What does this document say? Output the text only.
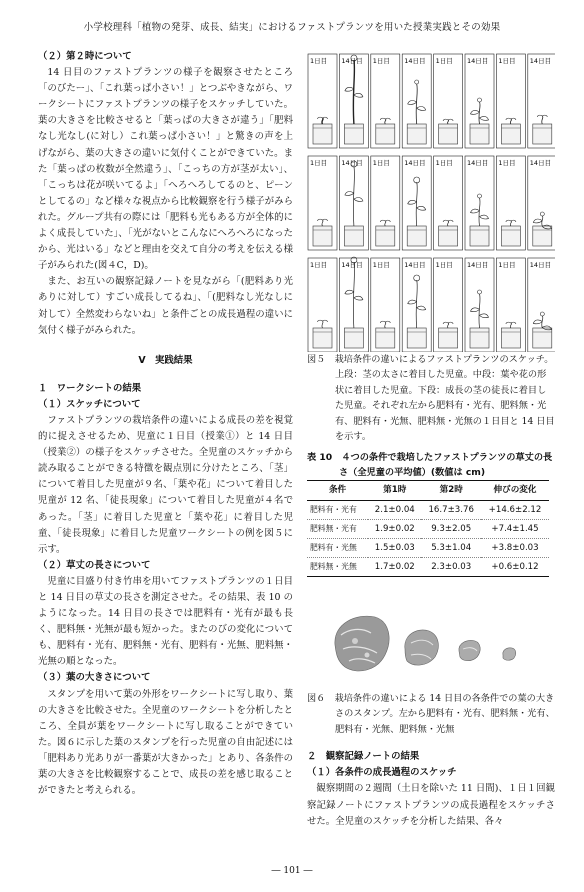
小学校理科「植物の発芽、成長、結実」におけるファストプランツを用いた授業実践とその効果

（２）第２時について

14 日目のファストプランツの様子を観察させたところ「のびたー」、「これ葉っぱ小さい！」とつぶやきながら、ワークシートにファストプランツの様子をスケッチしていた。葉の大きさを比較させると「葉っぱの大きさが違う」「肥料なし光なし(に対し）これ葉っぱ小さい！」と驚きの声を上げながら、葉の大きさの違いに気付くことができていた。また「葉っぱの枚数が全然違う」、「こっちの方が茎が太い」、「こっちは花が咲いてるよ」「へろへろしてるのと、ピーンとしてるの」など様々な視点から比較観察を行う様子がみられた。グループ共有の際には「肥料も光もある方が全体的によく成長していた」、「光がないとこんなにへろへろになったから、光はいる」などと理由を交えて自分の考えを伝える様子がみられた(図４C，D)。

また、お互いの観察記録ノートを見ながら「(肥料あり光ありに対して）すごい成長してるね」、「(肥料なし光なしに対して）全然変わらないね」と条件ごとの成長過程の違いに気付く様子がみられた。

Ⅴ　実践結果

１　ワークシートの結果

（１）スケッチについて

ファストプランツの栽培条件の違いによる成長の差を視覚的に捉えさせるため、児童に１日目（授業①）と 14 日目（授業②）の様子をスケッチさせた。全児童のスケッチから読み取ることができる特徴を観点別に分けたところ、「茎」について着目した児童が９名、「葉や花」について着目した児童が 12 名、「徒長現象」について着目した児童が４名であった。「茎」に着目した児童と「葉や花」に着目した児童、「徒長現象」に着目した児童ワークシートの例を図５に示す。

（２）草丈の長さについて

児童に目盛り付き竹串を用いてファストプランツの１日目と 14 日目の草丈の長さを測定させた。その結果、表 10 のようになった。14 日目の長さでは肥料有・光有が最も長く、肥料無・光無が最も短かった。またのびの変化についても、肥料有・光有、肥料無・光有、肥料有・光無、肥料無・光無の順となった。

（３）葉の大きさについて

スタンプを用いて葉の外形をワークシートに写し取り、葉の大きさを比較させた。全児童のワークシートを分析したところ、全員が葉をワークシートに写し取ることができていた。図６に示した葉のスタンプを行った児童の自由記述には「肥料あり光ありが一番葉が大きかった」とあり、各条件の葉の大きさを比較観察することで、成長の差を感じ取ることができたと考えられる。

1日目 14日目 1日目 14日目 1日目 14日目 1日目 14日目
1日目 14日目 1日目 14日目 1日目 14日目 1日目 14日目
1日目 14日目 1日目 14日目 1日目 14日目 1日目 14日目

図５　 栽培条件の違いによるファストプランツのスケッチ。上段：茎の太さに着目した児童。中段：葉や花の形状に着目した児童。下段：成長の茎の徒長に着目した児童。それぞれ左から肥料有・光有、肥料無・光有、肥料有・光無、肥料無・光無の１日目と 14 日目を示す。

表 10　 ４つの条件で栽培したファストプランツの草丈の長さ（全児童の平均値）(数値は cm)

条件	第1時	第2時	伸びの変化
肥料有・光有	2.1±0.04	16.7±3.76	+14.6±2.12
肥料無・光有	1.9±0.02	9.3±2.05	+7.4±1.45
肥料有・光無	1.5±0.03	5.3±1.04	+3.8±0.03
肥料無・光無	1.7±0.02	2.3±0.03	+0.6±0.12

図６　 栽培条件の違いによる 14 日目の各条件での葉の大きさのスタンプ。左から肥料有・光有、肥料無・光有、肥料有・光無、肥料無・光無

２　観察記録ノートの結果

（１）各条件の成長過程のスケッチ

観察期間の２週間（土日を除いた 11 日間)、１日１回観察記録ノートにファストプランツの成長過程をスケッチさせた。全児童のスケッチを分析した結果、各々

― 101 ―
